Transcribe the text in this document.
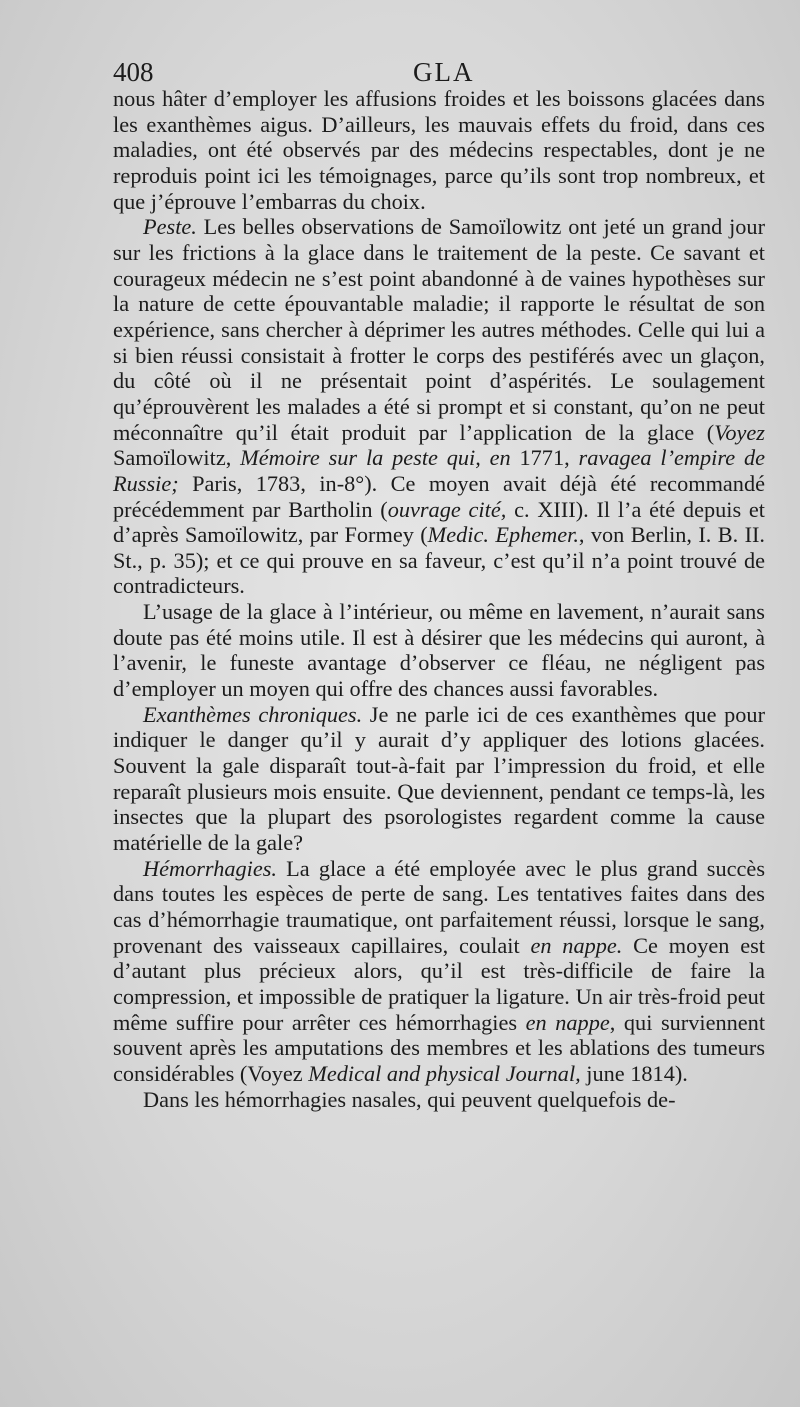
408	GLA

nous hâter d’employer les affusions froides et les boissons glacées dans les exanthèmes aigus. D’ailleurs, les mauvais effets du froid, dans ces maladies, ont été observés par des médecins respectables, dont je ne reproduis point ici les témoignages, parce qu’ils sont trop nombreux, et que j’éprouve l’embarras du choix.

Peste. Les belles observations de Samoïlowitz ont jeté un grand jour sur les frictions à la glace dans le traitement de la peste. Ce savant et courageux médecin ne s’est point abandonné à de vaines hypothèses sur la nature de cette épouvantable maladie; il rapporte le résultat de son expérience, sans chercher à déprimer les autres méthodes. Celle qui lui a si bien réussi consistait à frotter le corps des pestiférés avec un glaçon, du côté où il ne présentait point d’aspérités. Le soulagement qu’éprouvèrent les malades a été si prompt et si constant, qu’on ne peut méconnaître qu’il était produit par l’application de la glace (Voyez Samoïlowitz, Mémoire sur la peste qui, en 1771, ravagea l’empire de Russie; Paris, 1783, in-8°). Ce moyen avait déjà été recommandé précédemment par Bartholin (ouvrage cité, c. XIII). Il l’a été depuis et d’après Samoïlowitz, par Formey (Medic. Ephemer., von Berlin, I. B. II. St., p. 35); et ce qui prouve en sa faveur, c’est qu’il n’a point trouvé de contradicteurs.

L’usage de la glace à l’intérieur, ou même en lavement, n’aurait sans doute pas été moins utile. Il est à désirer que les médecins qui auront, à l’avenir, le funeste avantage d’observer ce fléau, ne négligent pas d’employer un moyen qui offre des chances aussi favorables.

Exanthèmes chroniques. Je ne parle ici de ces exanthèmes que pour indiquer le danger qu’il y aurait d’y appliquer des lotions glacées. Souvent la gale disparaît tout-à-fait par l’impression du froid, et elle reparaît plusieurs mois ensuite. Que deviennent, pendant ce temps-là, les insectes que la plupart des psorologistes regardent comme la cause matérielle de la gale?

Hémorrhagies. La glace a été employée avec le plus grand succès dans toutes les espèces de perte de sang. Les tentatives faites dans des cas d’hémorrhagie traumatique, ont parfaitement réussi, lorsque le sang, provenant des vaisseaux capillaires, coulait en nappe. Ce moyen est d’autant plus précieux alors, qu’il est très-difficile de faire la compression, et impossible de pratiquer la ligature. Un air très-froid peut même suffire pour arrêter ces hémorrhagies en nappe, qui surviennent souvent après les amputations des membres et les ablations des tumeurs considérables (Voyez Medical and physical Journal, june 1814).

Dans les hémorrhagies nasales, qui peuvent quelquefois de-
